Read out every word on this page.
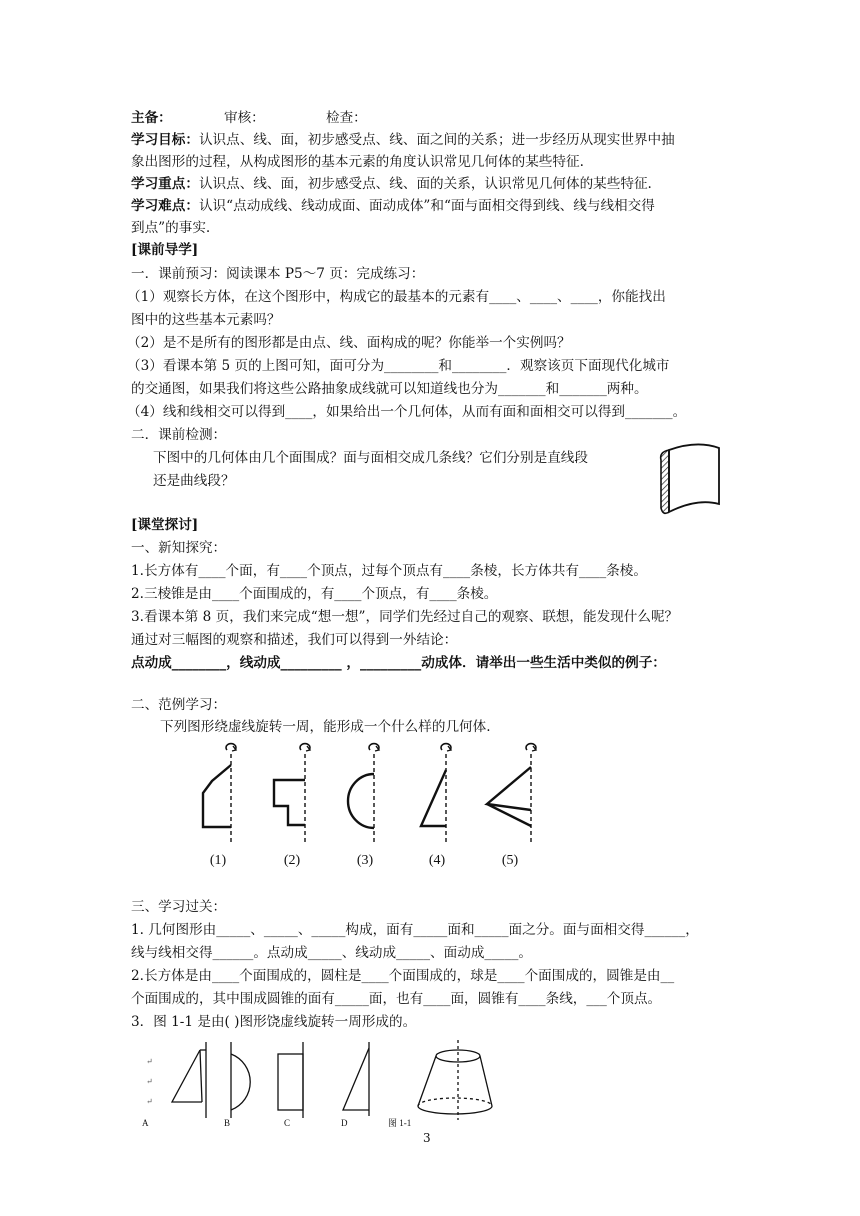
主备：	审核：	检查：
学习目标：认识点、线、面，初步感受点、线、面之间的关系；进一步经历从现实世界中抽
象出图形的过程，从构成图形的基本元素的角度认识常见几何体的某些特征.
学习重点：认识点、线、面，初步感受点、线、面的关系，认识常见几何体的某些特征.
学习难点：认识“点动成线、线动成面、面动成体”和“面与面相交得到线、线与线相交得
到点”的事实.
[课前导学]
一．课前预习：阅读课本 P5～7 页：完成练习：
（1）观察长方体，在这个图形中，构成它的最基本的元素有____、____、____，你能找出
图中的这些基本元素吗？
（2）是不是所有的图形都是由点、线、面构成的呢？你能举一个实例吗？
（3）看课本第 5 页的上图可知，面可分为________和________．观察该页下面现代化城市
的交通图，如果我们将这些公路抽象成线就可以知道线也分为_______和_______两种。
（4）线和线相交可以得到____，如果给出一个几何体，从而有面和面相交可以得到_______。
二．课前检测：
下图中的几何体由几个面围成？面与面相交成几条线？它们分别是直线段
还是曲线段？
[课堂探讨]
一、新知探究：
1.长方体有____个面，有____个顶点，过每个顶点有____条棱，长方体共有____条棱。
2.三棱锥是由____个面围成的，有____个顶点，有____条棱。
3.看课本第 8 页，我们来完成“想一想”，同学们先经过自己的观察、联想，能发现什么呢？
通过对三幅图的观察和描述，我们可以得到一外结论：
点动成________，线动成_________ ，_________动成体．请举出一些生活中类似的例子：
二、范例学习：
下列图形绕虚线旋转一周，能形成一个什么样的几何体.
(1)	(2)	(3)	(4)	(5)
三、学习过关：
1. 几何图形由_____、_____、_____构成，面有_____面和_____面之分。面与面相交得______，
线与线相交得______。点动成_____、线动成_____、面动成_____。
2.长方体是由____个面围成的，圆柱是____个面围成的，球是____个面围成的，圆锥是由__
个面围成的，其中围成圆锥的面有_____面，也有____面，圆锥有____条线，___个顶点。
3．图 1-1 是由( )图形饶虚线旋转一周形成的。
↵
↵
↵
A	B	C	D	图 1-1
3
